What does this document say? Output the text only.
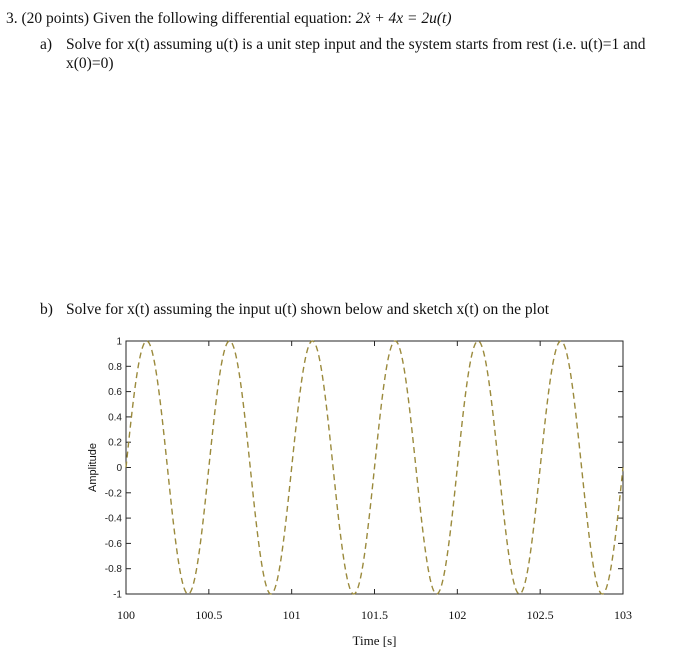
3. (20 points) Given the following differential equation: 2ẋ + 4x = 2u(t)
a) Solve for x(t) assuming u(t) is a unit step input and the system starts from rest (i.e. u(t)=1 and x(0)=0)
b) Solve for x(t) assuming the input u(t) shown below and sketch x(t) on the plot
-1
-0.8
-0.6
-0.4
-0.2
0
0.2
0.4
0.6
0.8
1
100	100.5	101	101.5	102	102.5	103
Time [s]
Amplitude
